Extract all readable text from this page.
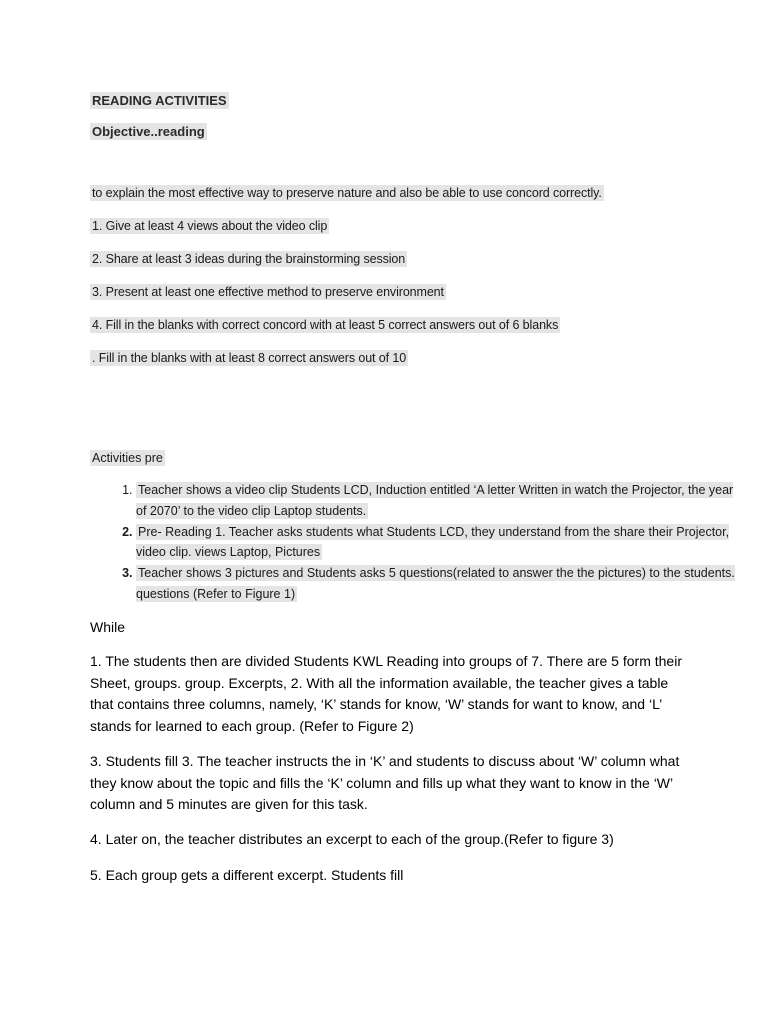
READING ACTIVITIES
Objective..reading
to explain the most effective way to preserve nature and also be able to use concord correctly.
1. Give at least 4 views about the video clip
2. Share at least 3 ideas during the brainstorming session
3. Present at least one effective method to preserve environment
4. Fill in the blanks with correct concord with at least 5 correct answers out of 6 blanks
. Fill in the blanks with at least 8 correct answers out of 10
Activities pre
1. Teacher shows a video clip Students LCD, Induction entitled ‘A letter Written in watch the Projector, the year of 2070’ to the video clip Laptop students.
2. Pre- Reading 1. Teacher asks students what Students LCD, they understand from the share their Projector, video clip. views Laptop, Pictures
3. Teacher shows 3 pictures and Students asks 5 questions(related to answer the the pictures) to the students. questions (Refer to Figure 1)
While
1. The students then are divided Students KWL Reading into groups of 7. There are 5 form their Sheet, groups. group. Excerpts, 2. With all the information available, the teacher gives a table that contains three columns, namely, ‘K’ stands for know, ‘W’ stands for want to know, and ‘L’ stands for learned to each group. (Refer to Figure 2)
3. Students fill 3. The teacher instructs the in ‘K’ and students to discuss about ‘W’ column what they know about the topic and fills the ‘K’ column and fills up what they want to know in the ‘W’ column and 5 minutes are given for this task.
4. Later on, the teacher distributes an excerpt to each of the group.(Refer to figure 3)
5. Each group gets a different excerpt. Students fill
